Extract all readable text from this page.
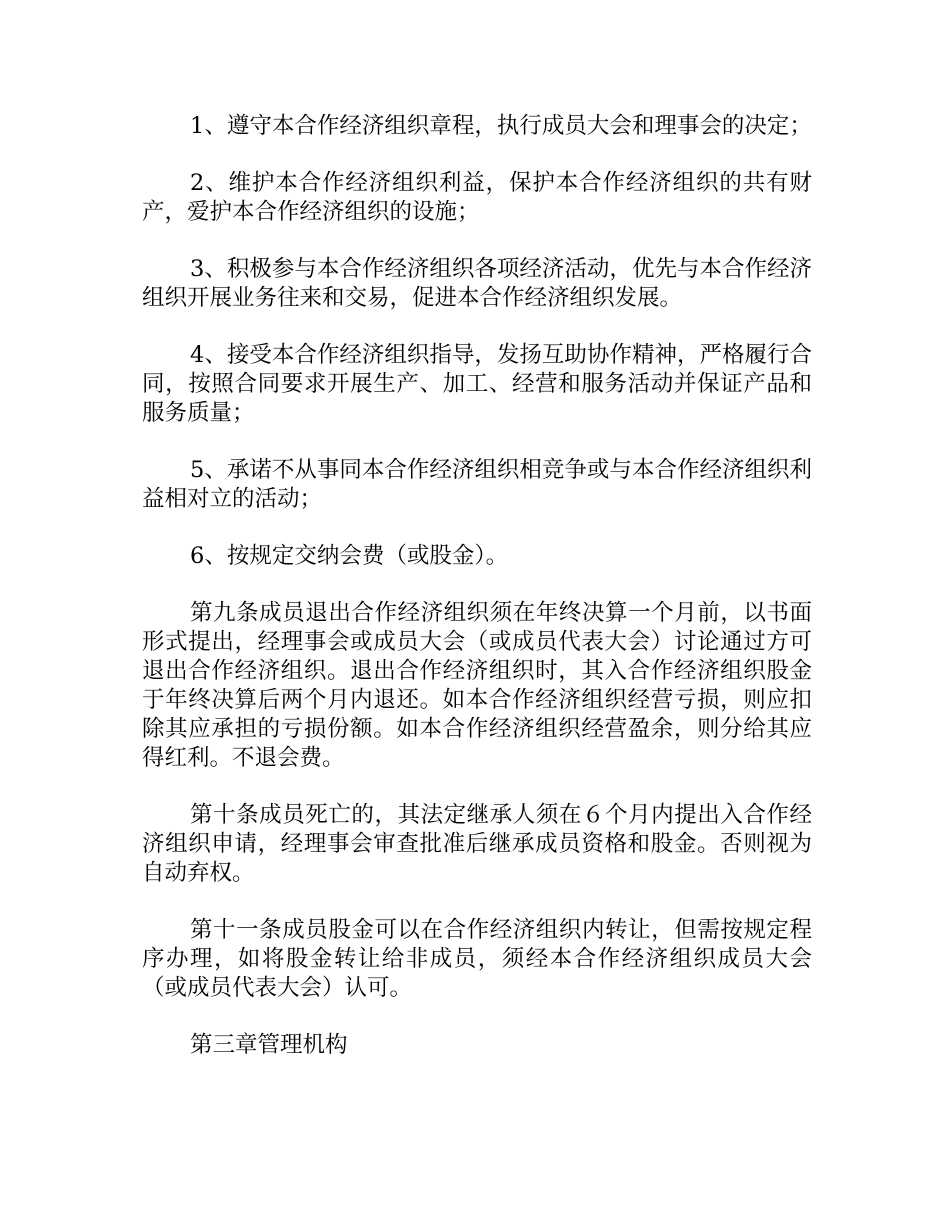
1、遵守本合作经济组织章程，执行成员大会和理事会的决定；

2、维护本合作经济组织利益，保护本合作经济组织的共有财产，爱护本合作经济组织的设施；

3、积极参与本合作经济组织各项经济活动，优先与本合作经济组织开展业务往来和交易，促进本合作经济组织发展。

4、接受本合作经济组织指导，发扬互助协作精神，严格履行合同，按照合同要求开展生产、加工、经营和服务活动并保证产品和服务质量；

5、承诺不从事同本合作经济组织相竞争或与本合作经济组织利益相对立的活动；

6、按规定交纳会费（或股金）。

第九条成员退出合作经济组织须在年终决算一个月前，以书面形式提出，经理事会或成员大会（或成员代表大会）讨论通过方可退出合作经济组织。退出合作经济组织时，其入合作经济组织股金于年终决算后两个月内退还。如本合作经济组织经营亏损，则应扣除其应承担的亏损份额。如本合作经济组织经营盈余，则分给其应得红利。不退会费。

第十条成员死亡的，其法定继承人须在６个月内提出入合作经济组织申请，经理事会审查批准后继承成员资格和股金。否则视为自动弃权。

第十一条成员股金可以在合作经济组织内转让，但需按规定程序办理，如将股金转让给非成员，须经本合作经济组织成员大会（或成员代表大会）认可。

第三章管理机构
